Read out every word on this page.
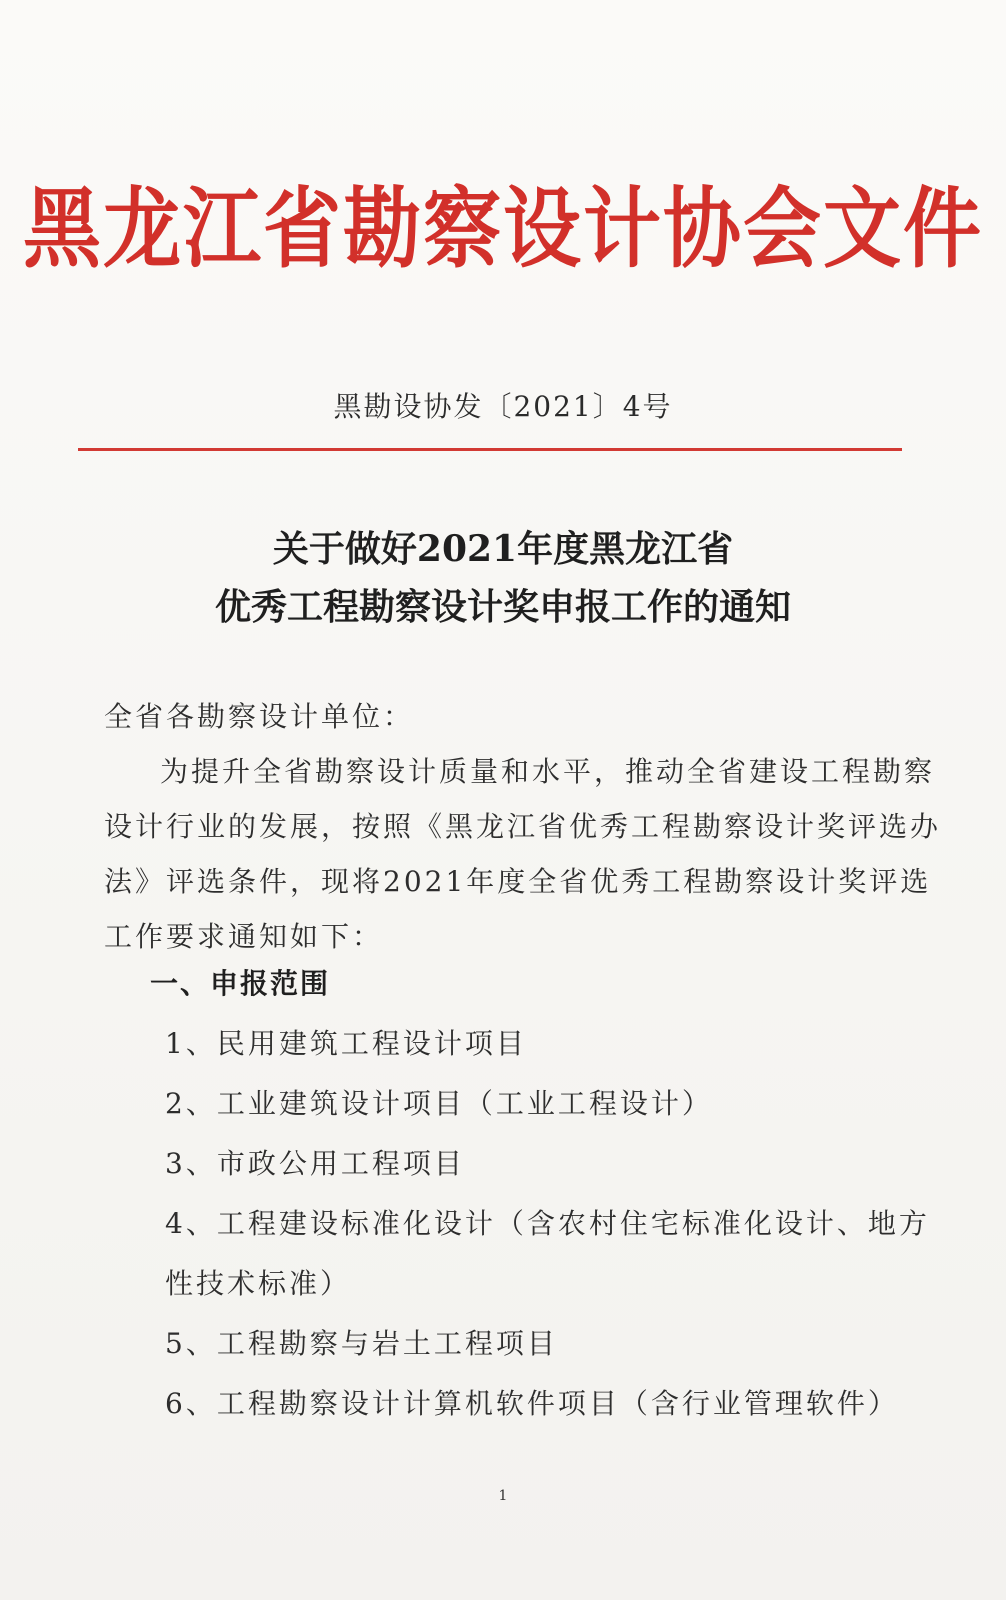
黑龙江省勘察设计协会文件
黑勘设协发〔2021〕4号
关于做好2021年度黑龙江省
优秀工程勘察设计奖申报工作的通知
全省各勘察设计单位：
为提升全省勘察设计质量和水平，推动全省建设工程勘察
设计行业的发展，按照《黑龙江省优秀工程勘察设计奖评选办
法》评选条件，现将2021年度全省优秀工程勘察设计奖评选
工作要求通知如下：
一、申报范围
1、民用建筑工程设计项目
2、工业建筑设计项目（工业工程设计）
3、市政公用工程项目
4、工程建设标准化设计（含农村住宅标准化设计、地方
性技术标准）
5、工程勘察与岩土工程项目
6、工程勘察设计计算机软件项目（含行业管理软件）
1
